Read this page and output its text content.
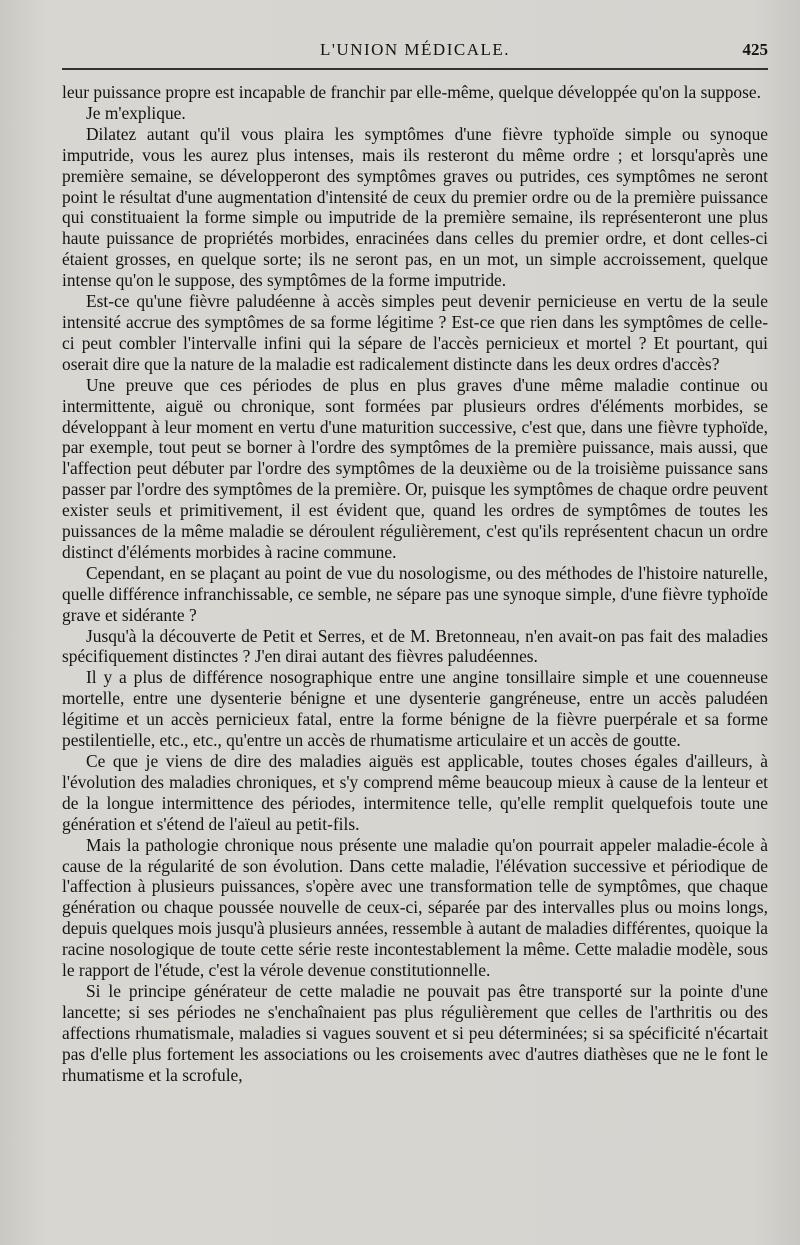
L'UNION MÉDICALE.	425

leur puissance propre est incapable de franchir par elle-même, quelque développée qu'on la suppose.

Je m'explique.

Dilatez autant qu'il vous plaira les symptômes d'une fièvre typhoïde simple ou synoque imputride, vous les aurez plus intenses, mais ils resteront du même ordre ; et lorsqu'après une première semaine, se développeront des symptômes graves ou putrides, ces symptômes ne seront point le résultat d'une augmentation d'intensité de ceux du premier ordre ou de la première puissance qui constituaient la forme simple ou imputride de la première semaine, ils représenteront une plus haute puissance de propriétés morbides, enracinées dans celles du premier ordre, et dont celles-ci étaient grosses, en quelque sorte; ils ne seront pas, en un mot, un simple accroissement, quelque intense qu'on le suppose, des symptômes de la forme imputride.

Est-ce qu'une fièvre paludéenne à accès simples peut devenir pernicieuse en vertu de la seule intensité accrue des symptômes de sa forme légitime ? Est-ce que rien dans les symptômes de celle-ci peut combler l'intervalle infini qui la sépare de l'accès pernicieux et mortel ? Et pourtant, qui oserait dire que la nature de la maladie est radicalement distincte dans les deux ordres d'accès?

Une preuve que ces périodes de plus en plus graves d'une même maladie continue ou intermittente, aiguë ou chronique, sont formées par plusieurs ordres d'éléments morbides, se développant à leur moment en vertu d'une maturition successive, c'est que, dans une fièvre typhoïde, par exemple, tout peut se borner à l'ordre des symptômes de la première puissance, mais aussi, que l'affection peut débuter par l'ordre des symptômes de la deuxième ou de la troisième puissance sans passer par l'ordre des symptômes de la première. Or, puisque les symptômes de chaque ordre peuvent exister seuls et primitivement, il est évident que, quand les ordres de symptômes de toutes les puissances de la même maladie se déroulent régulièrement, c'est qu'ils représentent chacun un ordre distinct d'éléments morbides à racine commune.

Cependant, en se plaçant au point de vue du nosologisme, ou des méthodes de l'histoire naturelle, quelle différence infranchissable, ce semble, ne sépare pas une synoque simple, d'une fièvre typhoïde grave et sidérante ?

Jusqu'à la découverte de Petit et Serres, et de M. Bretonneau, n'en avait-on pas fait des maladies spécifiquement distinctes ? J'en dirai autant des fièvres paludéennes.

Il y a plus de différence nosographique entre une angine tonsillaire simple et une couenneuse mortelle, entre une dysenterie bénigne et une dysenterie gangréneuse, entre un accès paludéen légitime et un accès pernicieux fatal, entre la forme bénigne de la fièvre puerpérale et sa forme pestilentielle, etc., etc., qu'entre un accès de rhumatisme articulaire et un accès de goutte.

Ce que je viens de dire des maladies aiguës est applicable, toutes choses égales d'ailleurs, à l'évolution des maladies chroniques, et s'y comprend même beaucoup mieux à cause de la lenteur et de la longue intermittence des périodes, intermitence telle, qu'elle remplit quelquefois toute une génération et s'étend de l'aïeul au petit-fils.

Mais la pathologie chronique nous présente une maladie qu'on pourrait appeler maladie-école à cause de la régularité de son évolution. Dans cette maladie, l'élévation successive et périodique de l'affection à plusieurs puissances, s'opère avec une transformation telle de symptômes, que chaque génération ou chaque poussée nouvelle de ceux-ci, séparée par des intervalles plus ou moins longs, depuis quelques mois jusqu'à plusieurs années, ressemble à autant de maladies différentes, quoique la racine nosologique de toute cette série reste incontestablement la même. Cette maladie modèle, sous le rapport de l'étude, c'est la vérole devenue constitutionnelle.

Si le principe générateur de cette maladie ne pouvait pas être transporté sur la pointe d'une lancette; si ses périodes ne s'enchaînaient pas plus régulièrement que celles de l'arthritis ou des affections rhumatismale, maladies si vagues souvent et si peu déterminées; si sa spécificité n'écartait pas d'elle plus fortement les associations ou les croisements avec d'autres diathèses que ne le font le rhumatisme et la scrofule,
